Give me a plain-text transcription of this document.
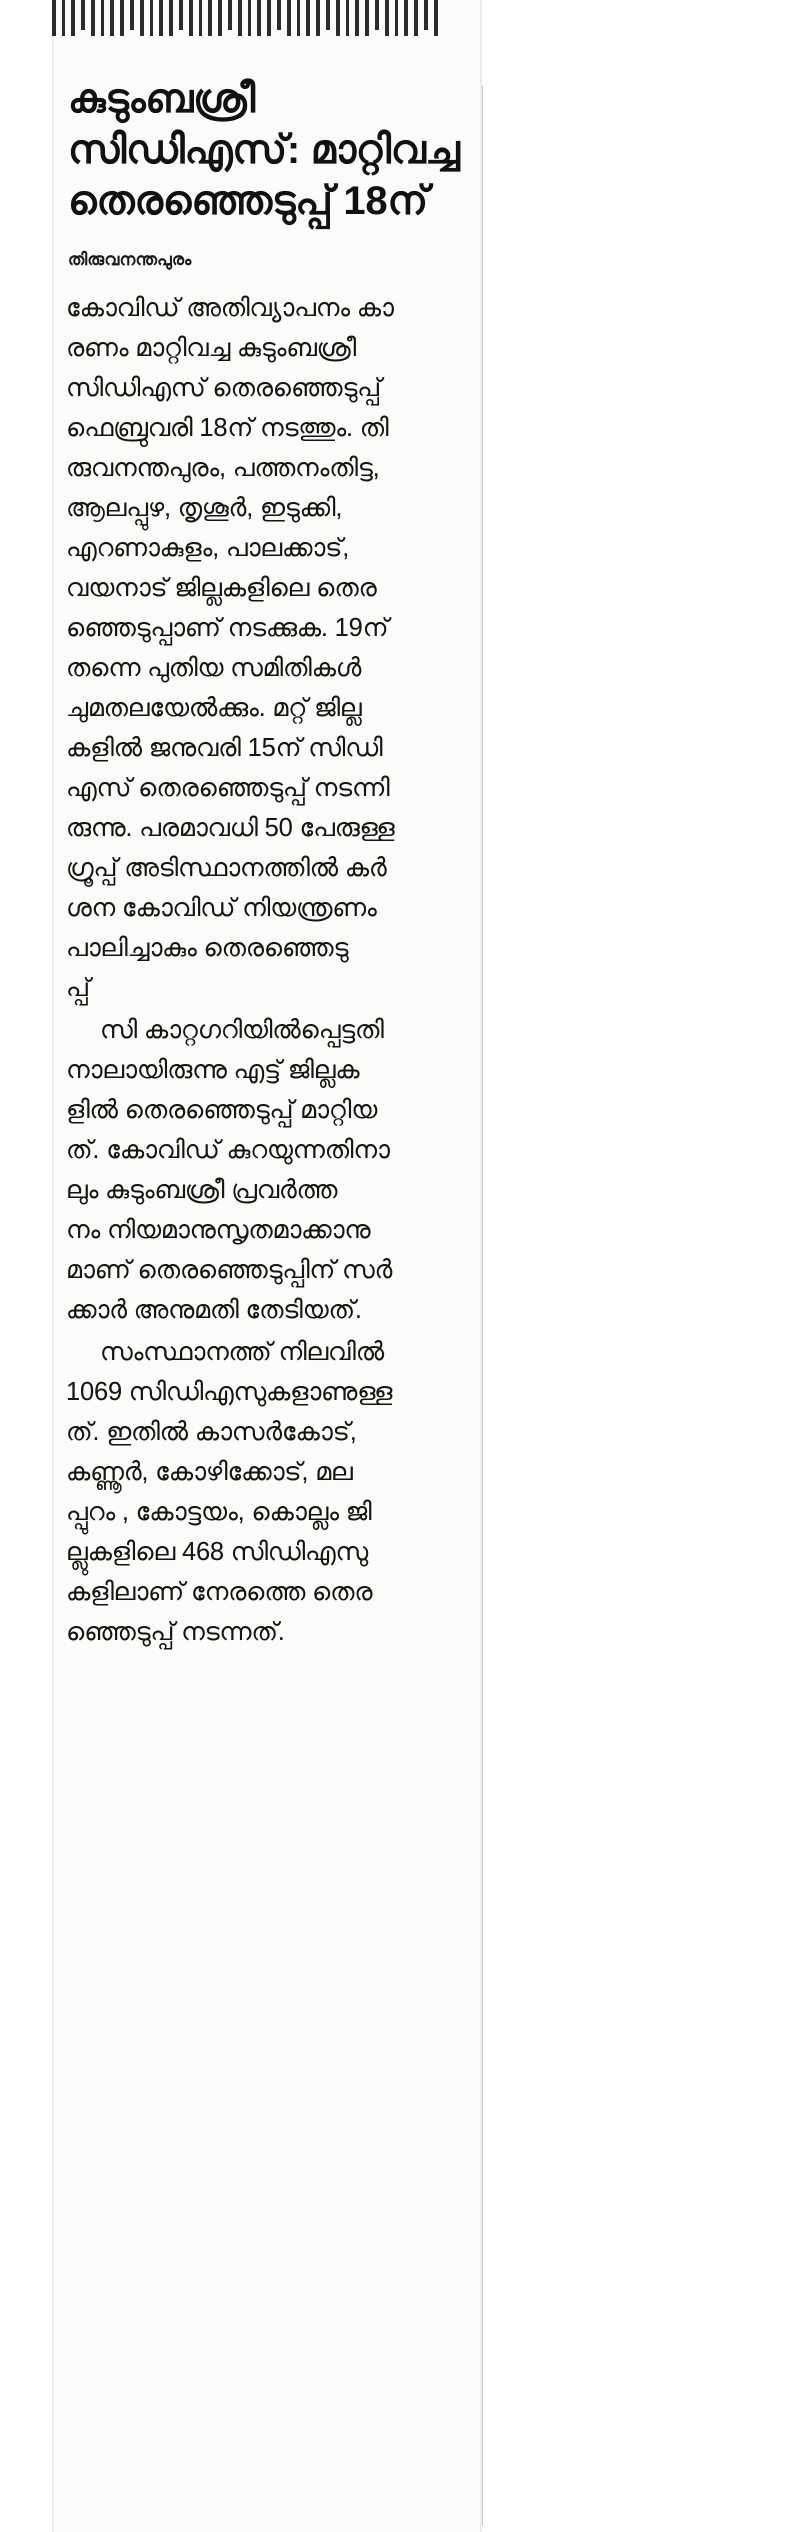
കുടുംബശ്രീ
സിഡിഎസ്: മാറ്റിവച്ച
തെരഞ്ഞെടുപ്പ് 18ന്
തിരുവനന്തപുരം

കോവിഡ് അതിവ്യാപനം കാ
രണം മാറ്റിവച്ച കുടുംബശ്രീ
സിഡിഎസ് തെരഞ്ഞെടുപ്പ്
ഫെബ്രുവരി 18ന് നടത്തും. തി
രുവനന്തപുരം, പത്തനംതിട്ട,
ആലപ്പുഴ, തൃശൂർ, ഇടുക്കി,
എറണാകുളം, പാലക്കാട്,
വയനാട് ജില്ലകളിലെ തെര
ഞ്ഞെടുപ്പാണ് നടക്കുക. 19ന്
തന്നെ പുതിയ സമിതികൾ
ചുമതലയേൽക്കും. മറ്റ് ജില്ല
കളിൽ ജനുവരി 15ന് സിഡി
എസ് തെരഞ്ഞെടുപ്പ് നടന്നി
രുന്നു. പരമാവധി 50 പേരുള്ള
ഗ്രൂപ്പ് അടിസ്ഥാനത്തിൽ കർ
ശന കോവിഡ് നിയന്ത്രണം
പാലിച്ചാകും തെരഞ്ഞെടു
പ്പ്

സി കാറ്റഗറിയിൽപ്പെട്ടതി
നാലായിരുന്നു എട്ട് ജില്ലക
ളിൽ തെരഞ്ഞെടുപ്പ് മാറ്റിയ
ത്. കോവിഡ് കുറയുന്നതിനാ
ലും കുടുംബശ്രീ പ്രവർത്ത
നം നിയമാനുസൃതമാക്കാനു
മാണ് തെരഞ്ഞെടുപ്പിന് സർ
ക്കാർ അനുമതി തേടിയത്.

സംസ്ഥാനത്ത് നിലവിൽ
1069 സിഡിഎസുകളാണുള്ള
ത്. ഇതിൽ കാസർകോട്,
കണ്ണൂർ, കോഴിക്കോട്, മല
പ്പുറം , കോട്ടയം, കൊല്ലം ജി
ല്ലുകളിലെ 468 സിഡിഎസു
കളിലാണ് നേരത്തെ തെര
ഞ്ഞെടുപ്പ് നടന്നത്.
